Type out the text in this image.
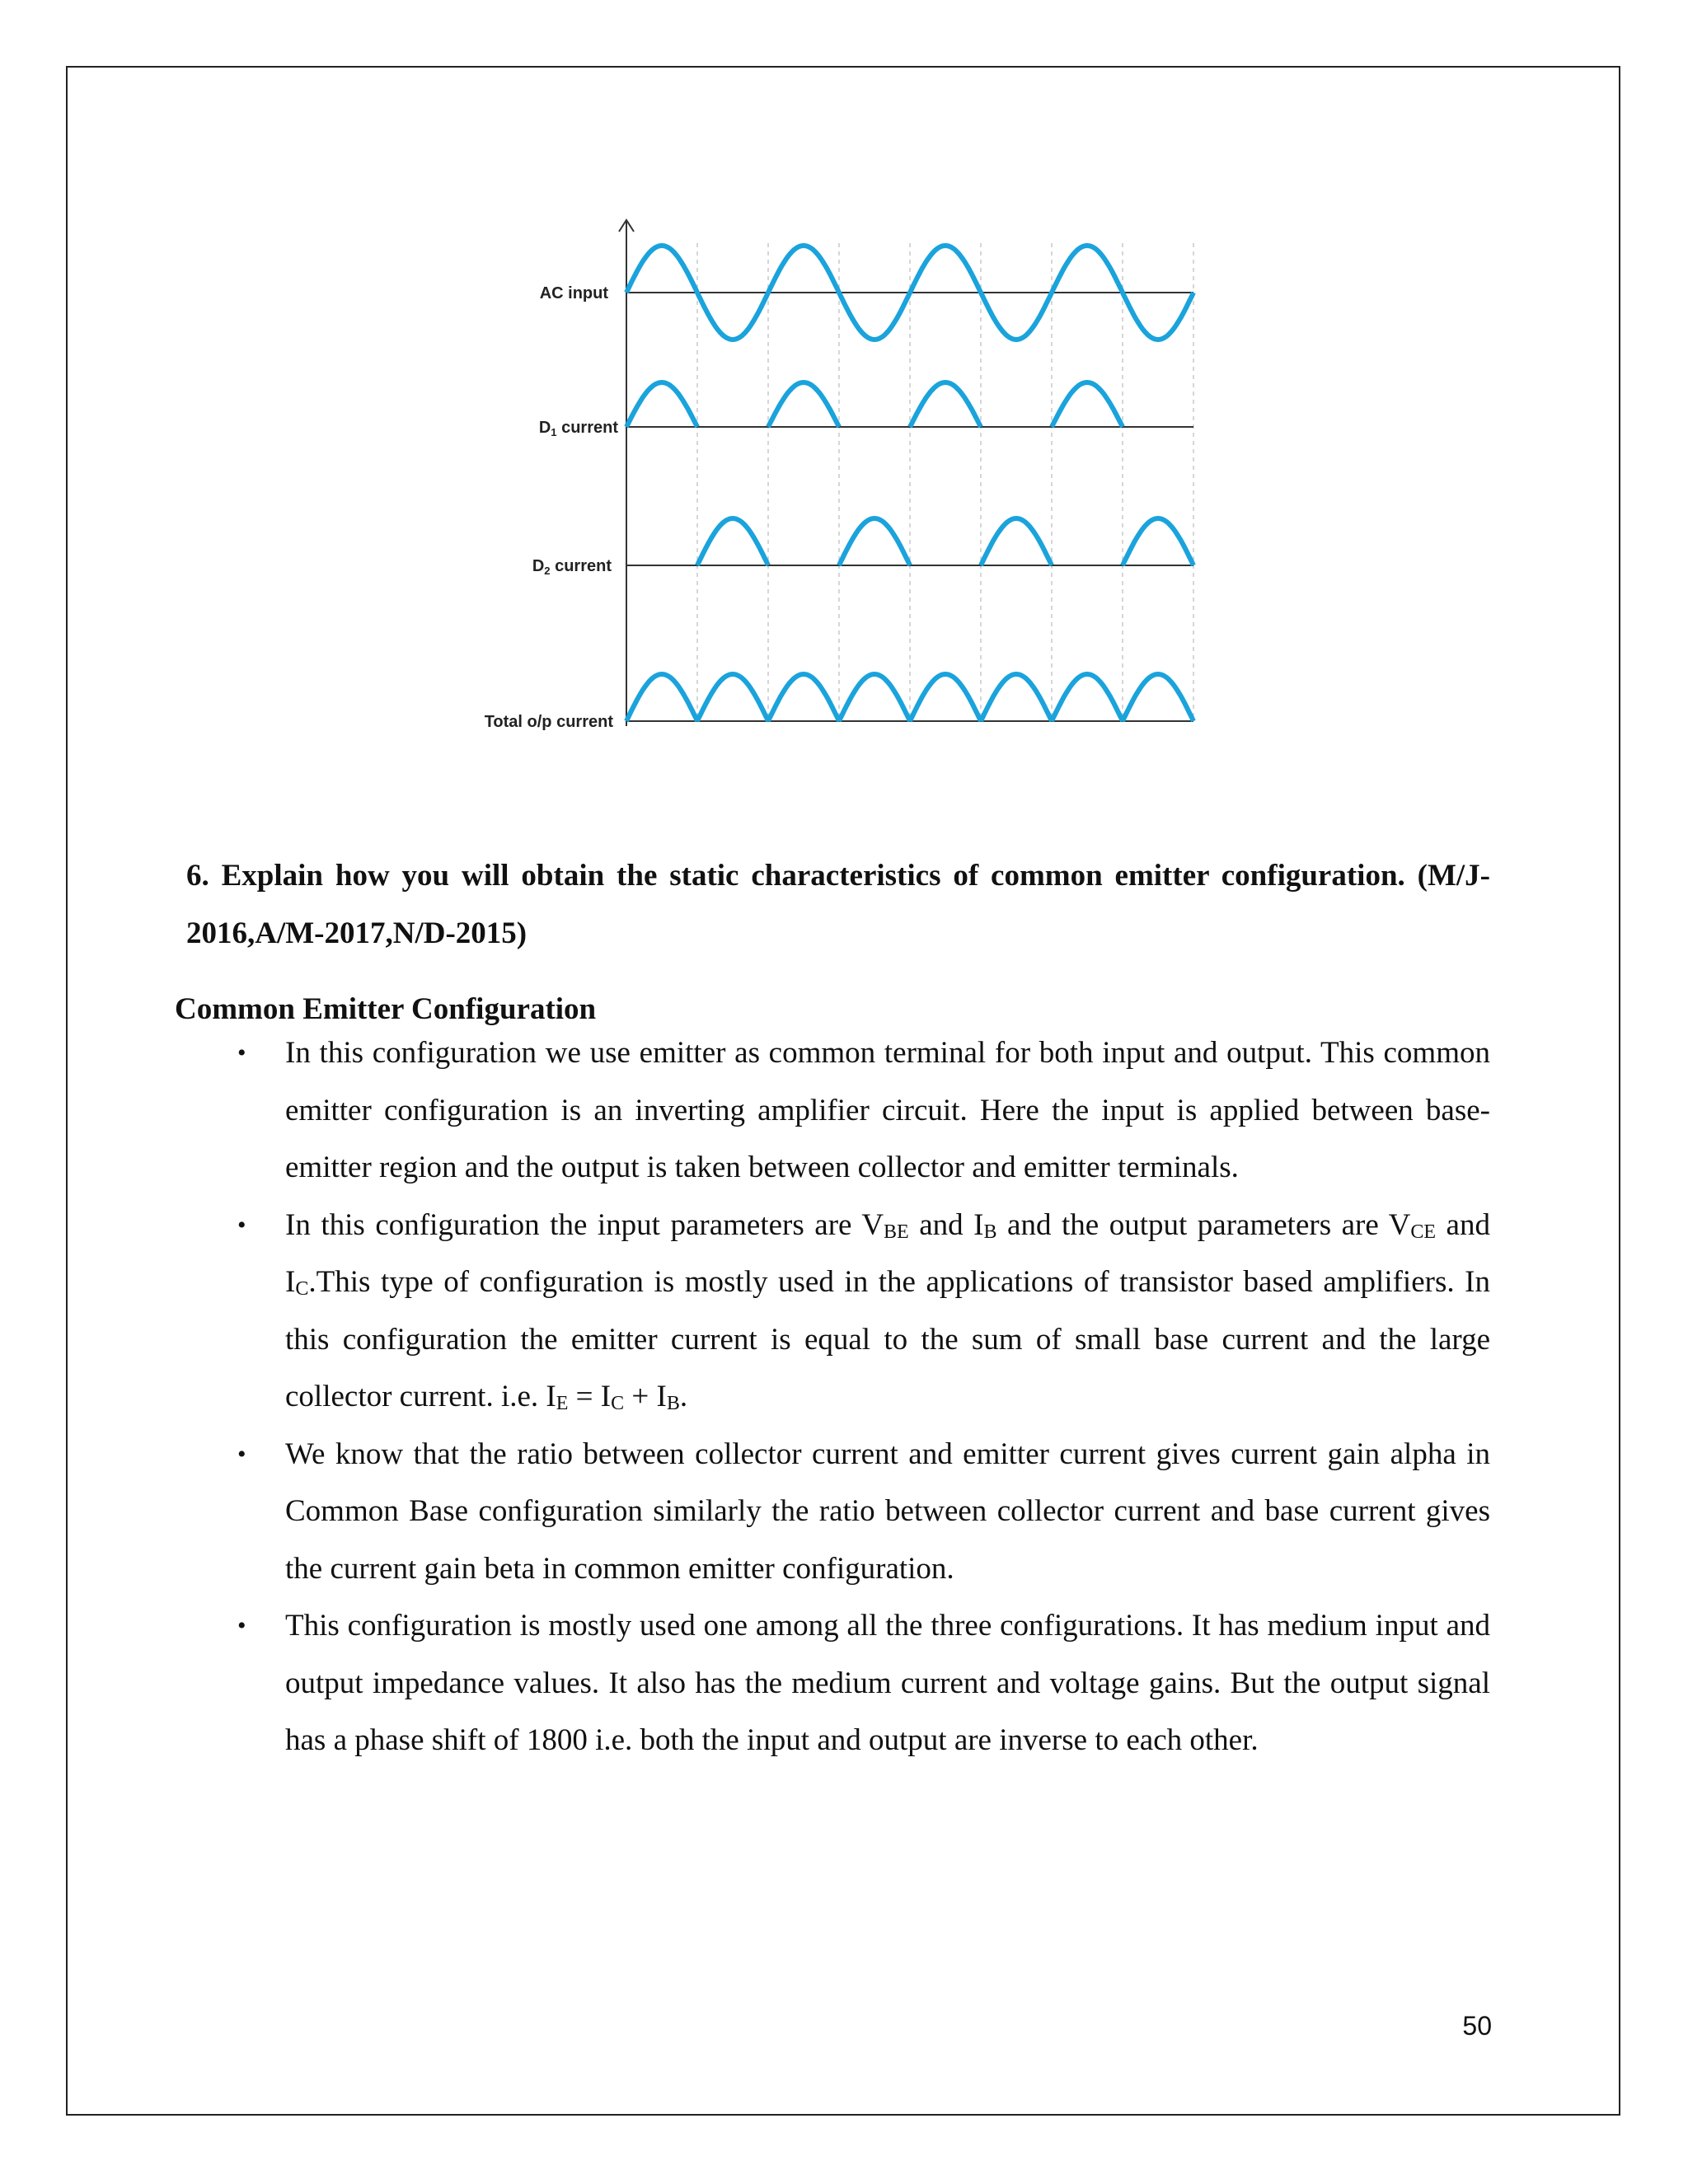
AC input
$D_1$ current
$D_2$ current
Total o/p current

6. Explain how you will obtain the static characteristics of common emitter configuration. (M/J-2016,A/M-2017,N/D-2015)

Common Emitter Configuration
• In this configuration we use emitter as common terminal for both input and output. This common emitter configuration is an inverting amplifier circuit. Here the input is applied between base-emitter region and the output is taken between collector and emitter terminals.
• In this configuration the input parameters are $V_{BE}$ and $I_B$ and the output parameters are $V_{CE}$ and $I_C.This$ type of configuration is mostly used in the applications of transistor based amplifiers. In this configuration the emitter current is equal to the sum of small base current and the large collector current. i.e. $I_E = I_C + I_B$.
• We know that the ratio between collector current and emitter current gives current gain alpha in Common Base configuration similarly the ratio between collector current and base current gives the current gain beta in common emitter configuration.
• This configuration is mostly used one among all the three configurations. It has medium input and output impedance values. It also has the medium current and voltage gains. But the output signal has a phase shift of 1800 i.e. both the input and output are inverse to each other.
50
